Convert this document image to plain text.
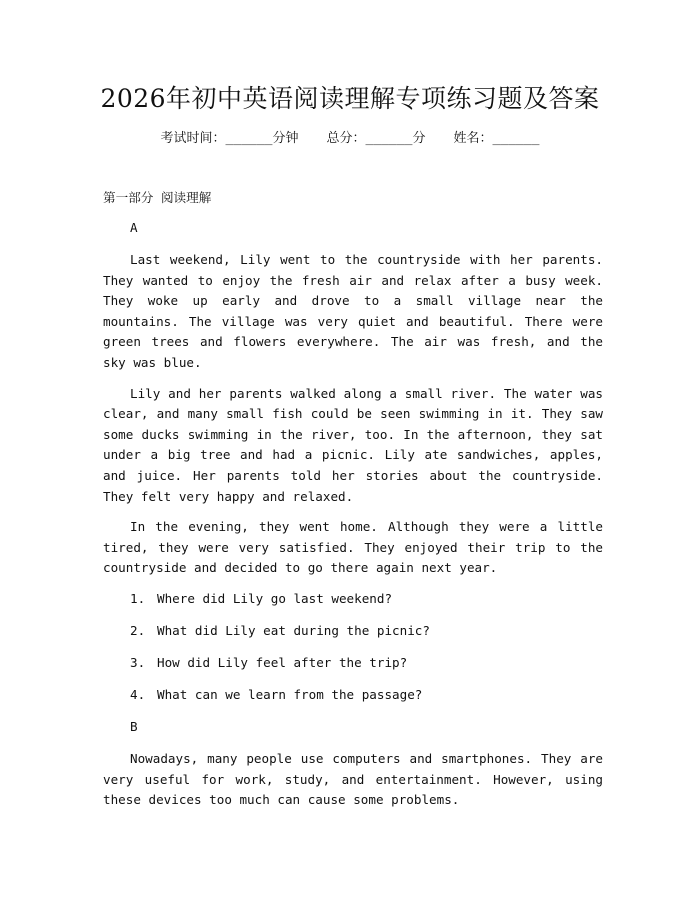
2026年初中英语阅读理解专项练习题及答案
考试时间：______分钟 总分：______分 姓名：______

第一部分 阅读理解

A

Last weekend, Lily went to the countryside with her parents. They wanted to enjoy the fresh air and relax after a busy week. They woke up early and drove to a small village near the mountains. The village was very quiet and beautiful. There were green trees and flowers everywhere. The air was fresh, and the sky was blue.

Lily and her parents walked along a small river. The water was clear, and many small fish could be seen swimming in it. They saw some ducks swimming in the river, too. In the afternoon, they sat under a big tree and had a picnic. Lily ate sandwiches, apples, and juice. Her parents told her stories about the countryside. They felt very happy and relaxed.

In the evening, they went home. Although they were a little tired, they were very satisfied. They enjoyed their trip to the countryside and decided to go there again next year.

1. Where did Lily go last weekend?
2. What did Lily eat during the picnic?
3. How did Lily feel after the trip?
4. What can we learn from the passage?

B

Nowadays, many people use computers and smartphones. They are very useful for work, study, and entertainment. However, using these devices too much can cause some problems.
